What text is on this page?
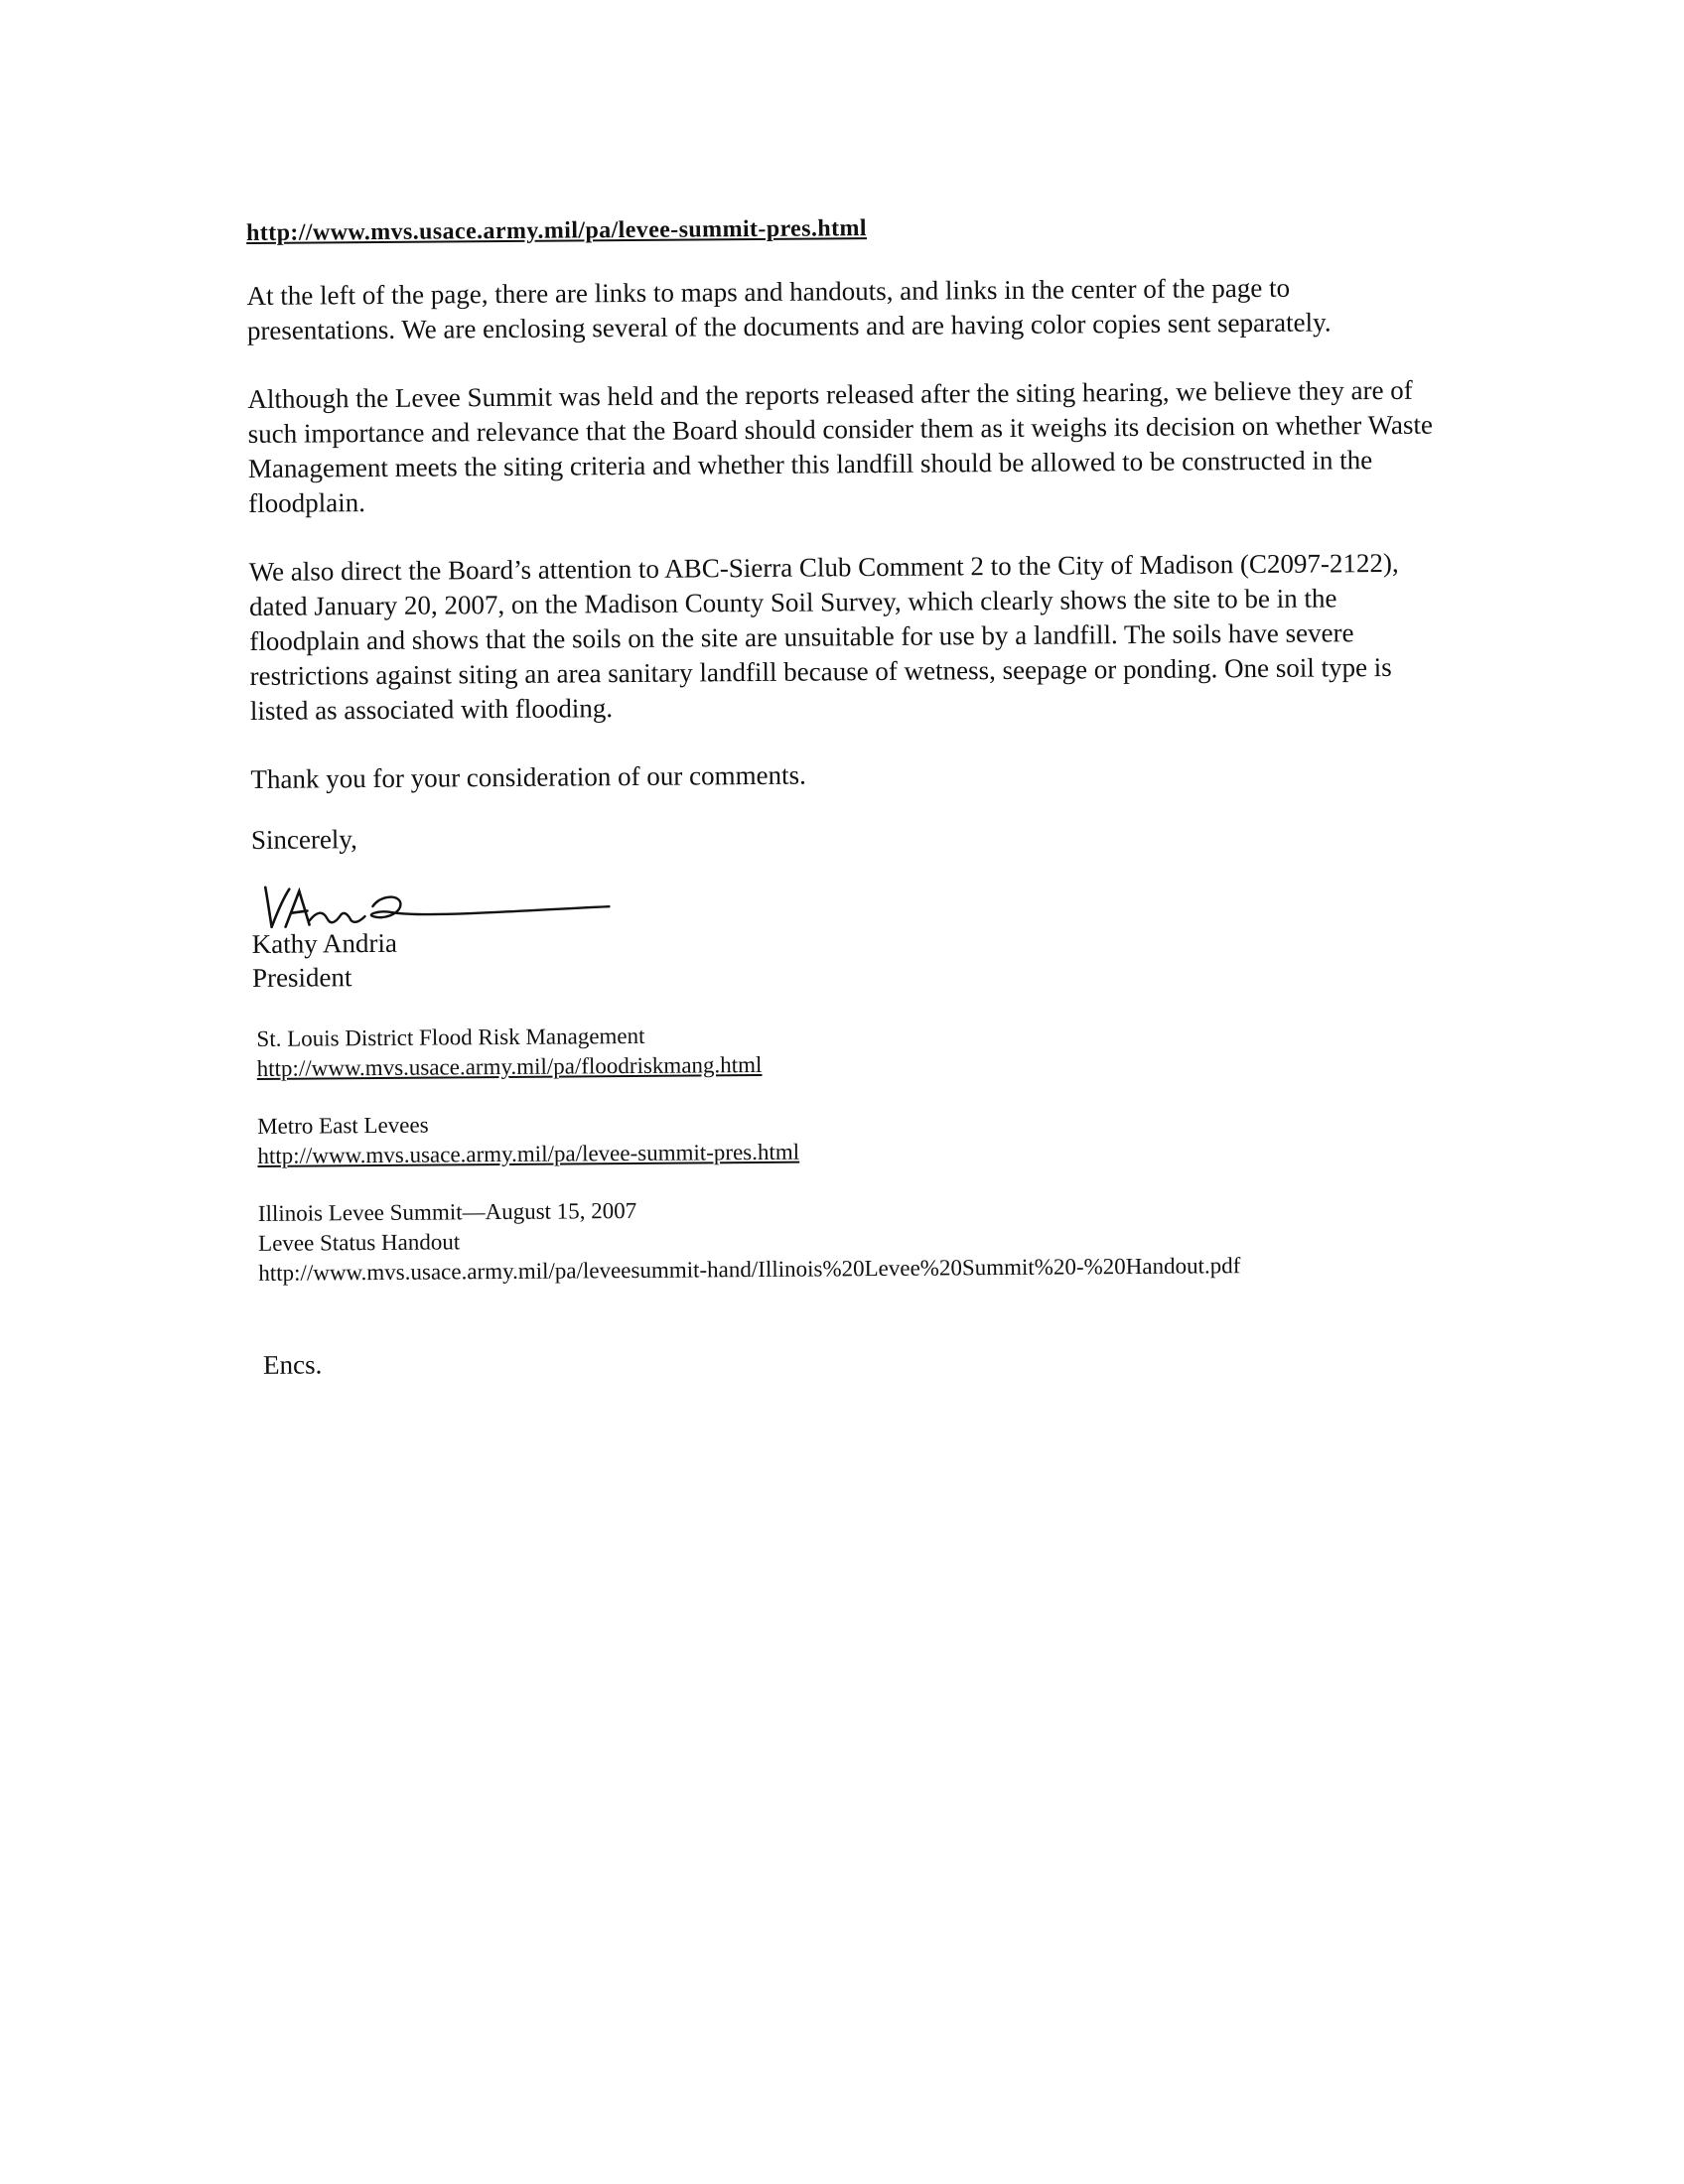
http://www.mvs.usace.army.mil/pa/levee-summit-pres.html

At the left of the page, there are links to maps and handouts, and links in the center of the page to presentations. We are enclosing several of the documents and are having color copies sent separately.

Although the Levee Summit was held and the reports released after the siting hearing, we believe they are of such importance and relevance that the Board should consider them as it weighs its decision on whether Waste Management meets the siting criteria and whether this landfill should be allowed to be constructed in the floodplain.

We also direct the Board’s attention to ABC-Sierra Club Comment 2 to the City of Madison (C2097-2122), dated January 20, 2007, on the Madison County Soil Survey, which clearly shows the site to be in the floodplain and shows that the soils on the site are unsuitable for use by a landfill. The soils have severe restrictions against siting an area sanitary landfill because of wetness, seepage or ponding. One soil type is listed as associated with flooding.

Thank you for your consideration of our comments.

Sincerely,
Kathy Andria
President
St. Louis District Flood Risk Management
http://www.mvs.usace.army.mil/pa/floodriskmang.html
Metro East Levees
http://www.mvs.usace.army.mil/pa/levee-summit-pres.html
Illinois Levee Summit—August 15, 2007
Levee Status Handout
http://www.mvs.usace.army.mil/pa/leveesummit-hand/Illinois%20Levee%20Summit%20-%20Handout.pdf
Encs.
